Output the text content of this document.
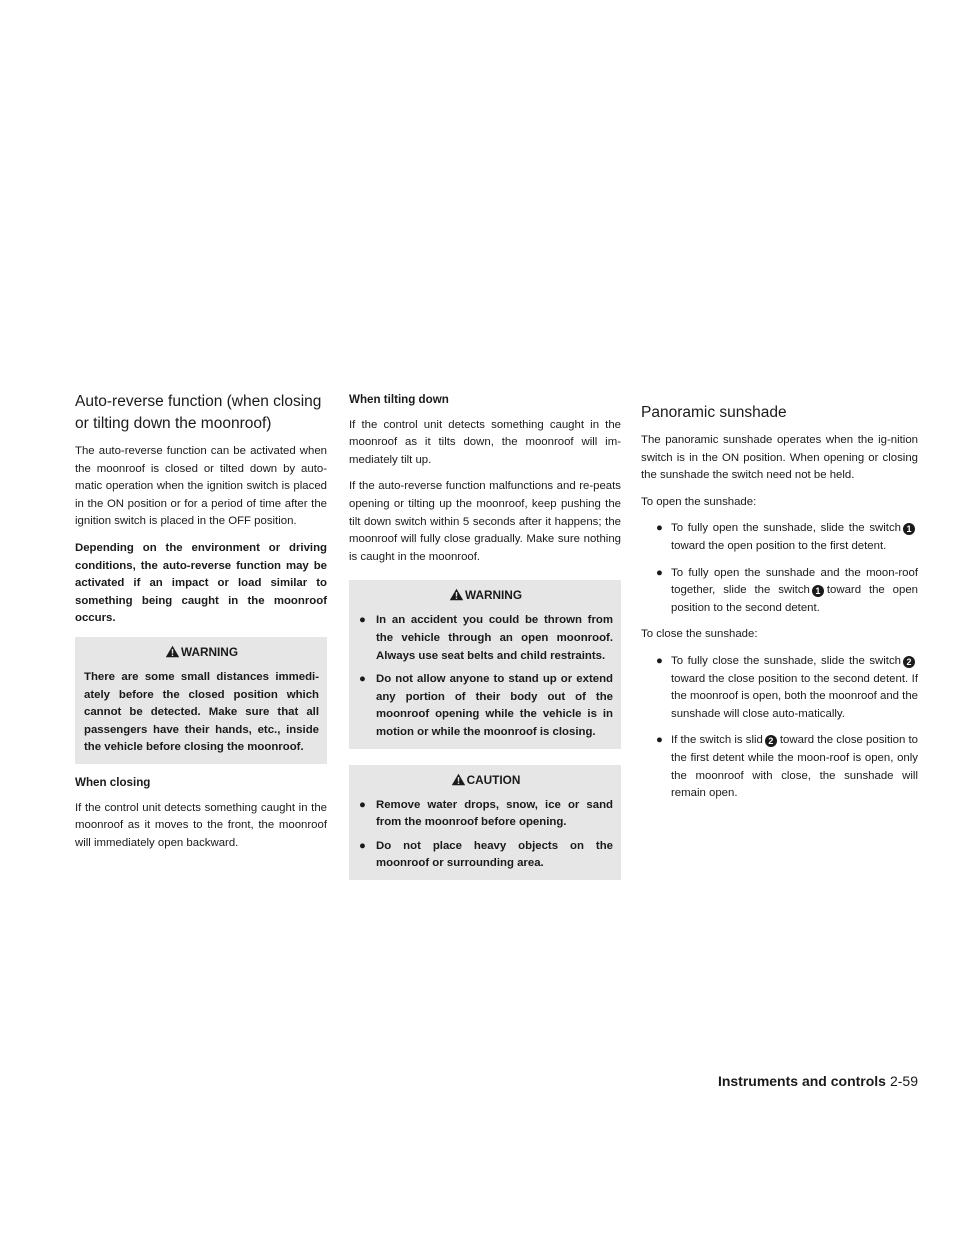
Auto-reverse function (when closing or tilting down the moonroof)

The auto-reverse function can be activated when the moonroof is closed or tilted down by auto-matic operation when the ignition switch is placed in the ON position or for a period of time after the ignition switch is placed in the OFF position.

Depending on the environment or driving conditions, the auto-reverse function may be activated if an impact or load similar to something being caught in the moonroof occurs.

WARNING

There are some small distances immedi-ately before the closed position which cannot be detected. Make sure that all passengers have their hands, etc., inside the vehicle before closing the moonroof.

When closing

If the control unit detects something caught in the moonroof as it moves to the front, the moonroof will immediately open backward.

When tilting down

If the control unit detects something caught in the moonroof as it tilts down, the moonroof will im-mediately tilt up.

If the auto-reverse function malfunctions and re-peats opening or tilting up the moonroof, keep pushing the tilt down switch within 5 seconds after it happens; the moonroof will fully close gradually. Make sure nothing is caught in the moonroof.

WARNING
● In an accident you could be thrown from the vehicle through an open moonroof. Always use seat belts and child restraints.
● Do not allow anyone to stand up or extend any portion of their body out of the moonroof opening while the vehicle is in motion or while the moonroof is closing.
CAUTION
● Remove water drops, snow, ice or sand from the moonroof before opening.
● Do not place heavy objects on the moonroof or surrounding area.
Panoramic sunshade

The panoramic sunshade operates when the ig-nition switch is in the ON position. When opening or closing the sunshade the switch need not be held.

To open the sunshade:

● To fully open the sunshade, slide the switch 1toward the open position to the first detent.
● To fully open the sunshade and the moon-roof together, slide the switch 1 toward the open position to the second detent.

To close the sunshade:

● To fully close the sunshade, slide the switch 2toward the close position to the second detent. If the moonroof is open, both the moonroof and the sunshade will close auto-matically.
● If the switch is slid 2 toward the close position to the first detent while the moon-roof is open, only the moonroof with close, the sunshade will remain open.
Instruments and controls 2-59
